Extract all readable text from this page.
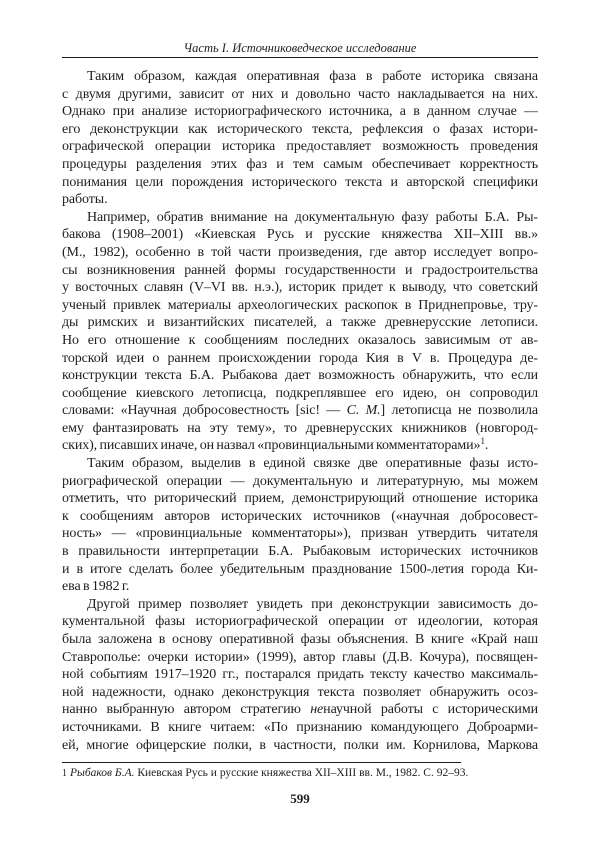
Часть I. Источниковедческое исследование
Таким образом, каждая оперативная фаза в работе историка связана
с двумя другими, зависит от них и довольно часто накладывается на них.
Однако при анализе историографического источника, а в данном случае —
его деконструкции как исторического текста, рефлексия о фазах истори-
ографической операции историка предоставляет возможность проведения
процедуры разделения этих фаз и тем самым обеспечивает корректность
понимания цели порождения исторического текста и авторской специфики
работы.
Например, обратив внимание на документальную фазу работы Б.А. Ры-
бакова (1908–2001) «Киевская Русь и русские княжества XII–XIII вв.»
(М., 1982), особенно в той части произведения, где автор исследует вопро-
сы возникновения ранней формы государственности и градостроительства
у восточных славян (V–VI вв. н.э.), историк придет к выводу, что советский
ученый привлек материалы археологических раскопок в Приднепровье, тру-
ды римских и византийских писателей, а также древнерусские летописи.
Но его отношение к сообщениям последних оказалось зависимым от ав-
торской идеи о раннем происхождении города Кия в V в. Процедура де-
конструкции текста Б.А. Рыбакова дает возможность обнаружить, что если
сообщение киевского летописца, подкреплявшее его идею, он сопроводил
словами: «Научная добросовестность [sic! — С. М.] летописца не позволила
ему фантазировать на эту тему», то древнерусских книжников (новгород-
ских), писавших иначе, он назвал «провинциальными комментаторами»$^1$.
Таким образом, выделив в единой связке две оперативные фазы исто-
риографической операции — документальную и литературную, мы можем
отметить, что риторический прием, демонстрирующий отношение историка
к сообщениям авторов исторических источников («научная добросовест-
ность» — «провинциальные комментаторы»), призван утвердить читателя
в правильности интерпретации Б.А. Рыбаковым исторических источников
и в итоге сделать более убедительным празднование 1500-летия города Ки-
ева в 1982 г.
Другой пример позволяет увидеть при деконструкции зависимость до-
кументальной фазы историографической операции от идеологии, которая
была заложена в основу оперативной фазы объяснения. В книге «Край наш
Ставрополье: очерки истории» (1999), автор главы (Д.В. Кочура), посвящен-
ной событиям 1917–1920 гг., постарался придать тексту качество максималь-
ной надежности, однако деконструкция текста позволяет обнаружить осоз-
нанно выбранную автором стратегию ненаучной работы с историческими
источниками. В книге читаем: «По признанию командующего Доброарми-
ей, многие офицерские полки, в частности, полки им. Корнилова, Маркова
1 Рыбаков Б.А. Киевская Русь и русские княжества XII–XIII вв. М., 1982. С. 92–93.
599
